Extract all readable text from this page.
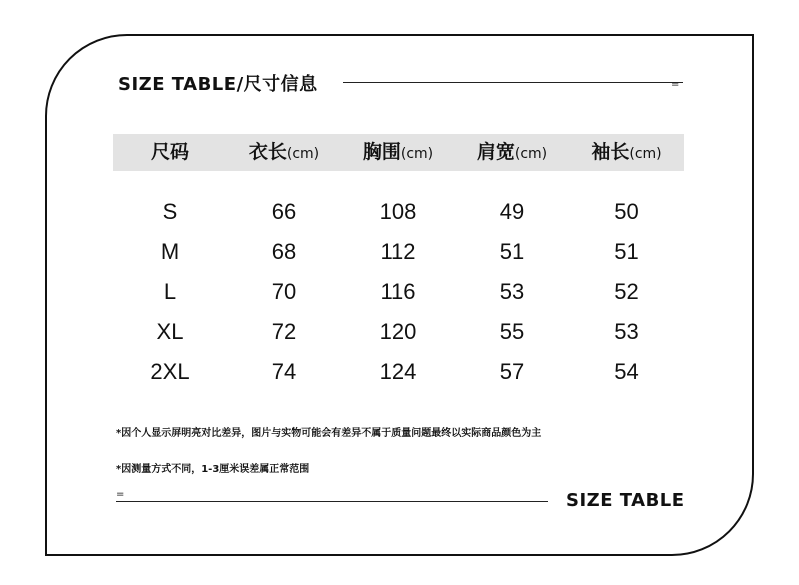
SIZE TABLE/尺寸信息	=
尺码	衣长(cm)	胸围(cm)	肩宽(cm)	袖长(cm)
S	66	108	49	50
M	68	112	51	51
L	70	116	53	52
XL	72	120	55	53
2XL	74	124	57	54
*因个人显示屏明亮对比差异，图片与实物可能会有差异不属于质量问题最终以实际商品颜色为主
*因测量方式不同，1-3厘米误差属正常范围
=	SIZE TABLE
